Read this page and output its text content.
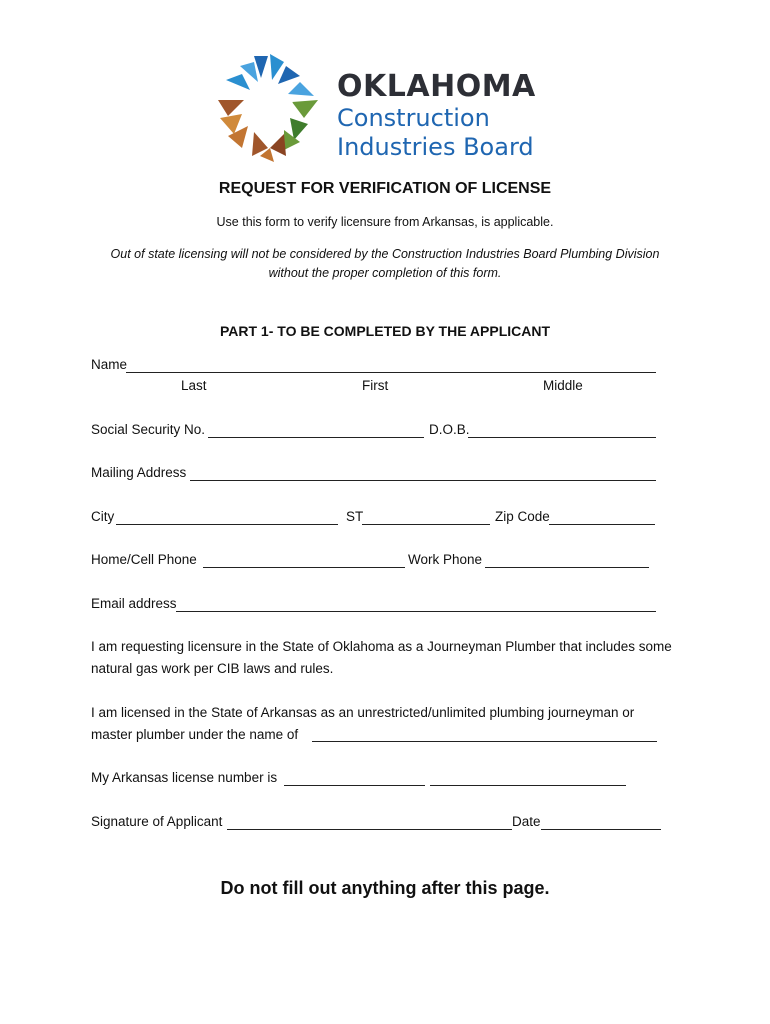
OKLAHOMA
Construction
Industries Board
REQUEST FOR VERIFICATION OF LICENSE
Use this form to verify licensure from Arkansas, is applicable.
Out of state licensing will not be considered by the Construction Industries Board Plumbing Division
without the proper completion of this form.
PART 1- TO BE COMPLETED BY THE APPLICANT
Name
Last	First	Middle
Social Security No.	D.O.B.
Mailing Address
City	ST	Zip Code
Home/Cell Phone	Work Phone
Email address
I am requesting licensure in the State of Oklahoma as a Journeyman Plumber that includes some natural gas work per CIB laws and rules.
I am licensed in the State of Arkansas as an unrestricted/unlimited plumbing journeyman or
master plumber under the name of
My Arkansas license number is
Signature of Applicant	Date
Do not fill out anything after this page.
